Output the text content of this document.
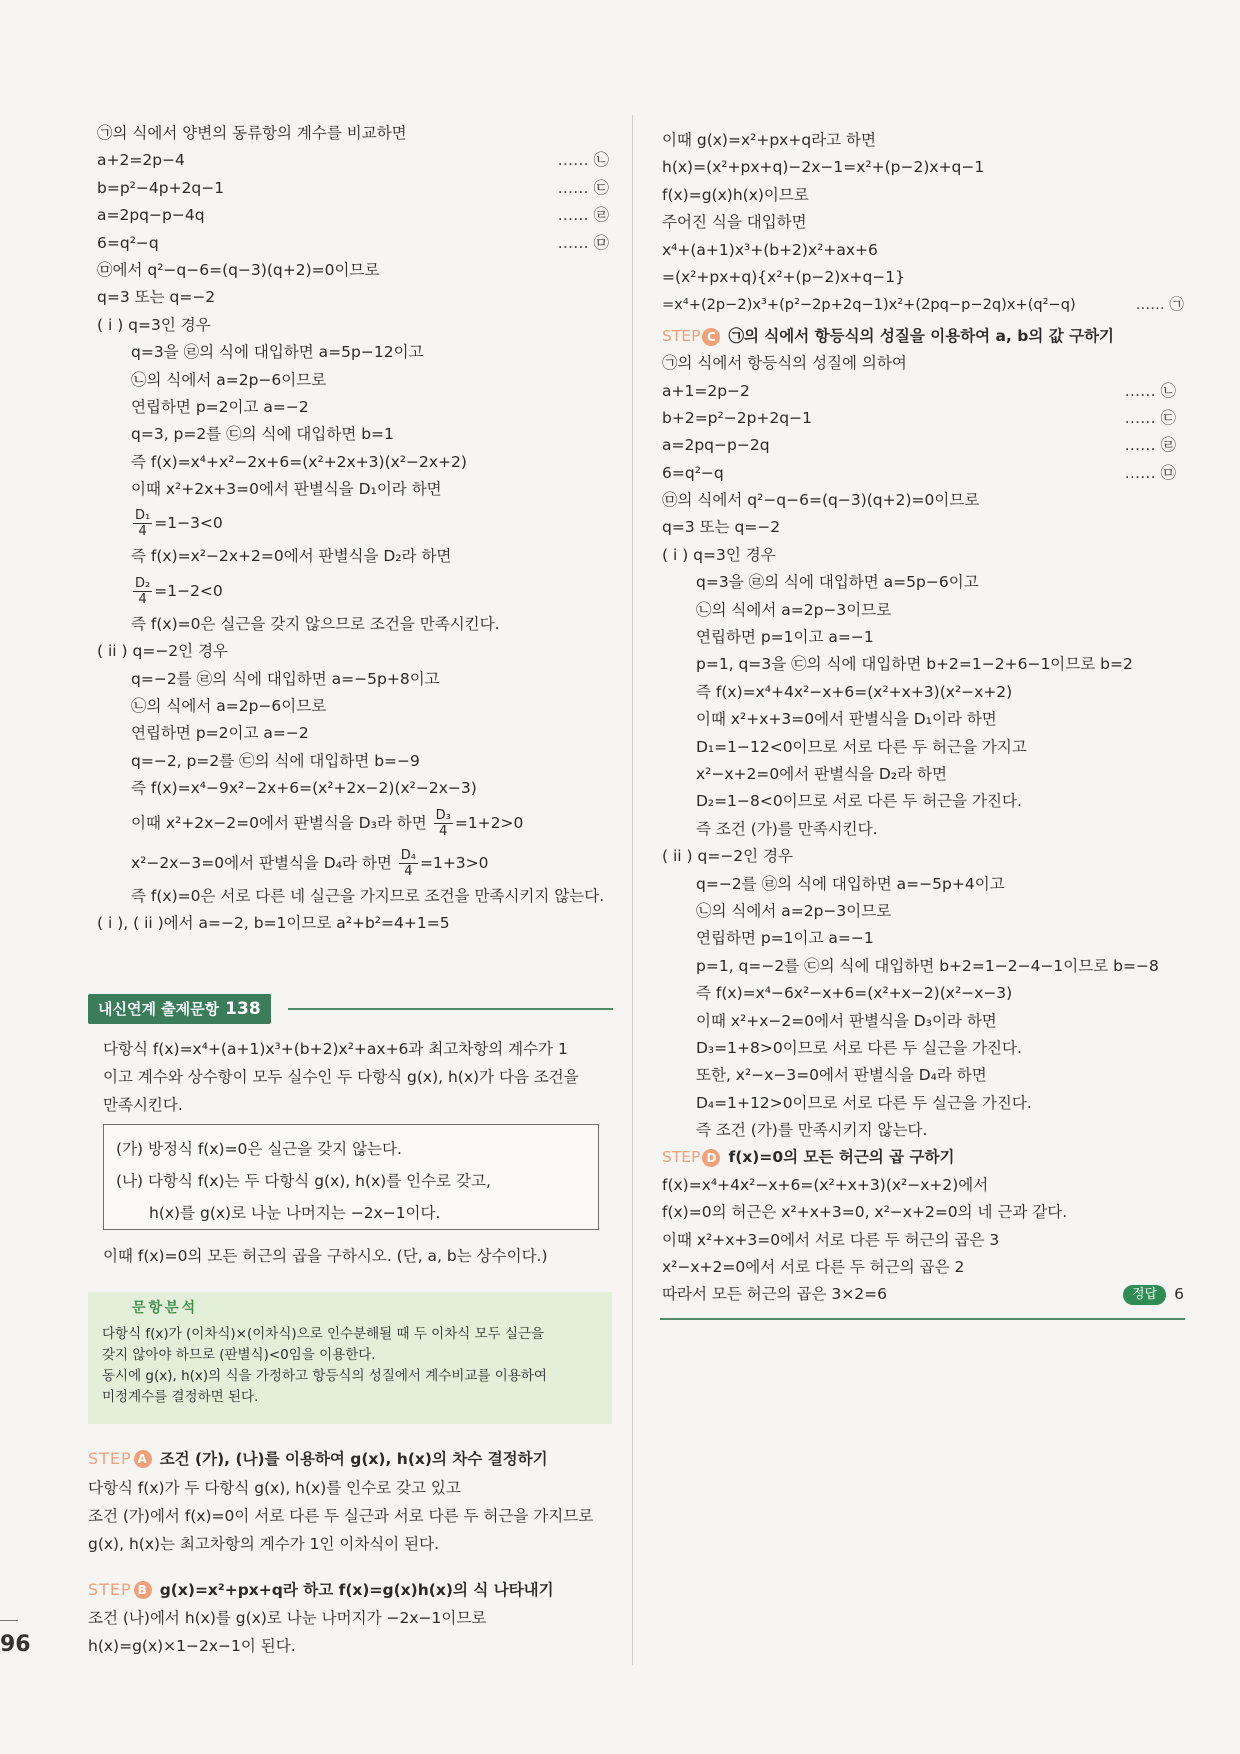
㉠의 식에서 양변의 동류항의 계수를 비교하면
a+2=2p−4	…… ㉡
b=p²−4p+2q−1	…… ㉢
a=2pq−p−4q	…… ㉣
6=q²−q	…… ㉤
㉤에서 q²−q−6=(q−3)(q+2)=0이므로
q=3 또는 q=−2
( i ) q=3인 경우
q=3을 ㉣의 식에 대입하면 a=5p−12이고
㉡의 식에서 a=2p−6이므로
연립하면 p=2이고 a=−2
q=3, p=2를 ㉢의 식에 대입하면 b=1
즉 f(x)=x⁴+x²−2x+6=(x²+2x+3)(x²−2x+2)
이때 x²+2x+3=0에서 판별식을 D₁이라 하면
$\frac{\text{D₁}}{4} =1-3<0$
즉 f(x)=x²−2x+2=0에서 판별식을 D₂라 하면
$\frac{\text{D₂}}{4} =1-2<0$
즉 f(x)=0은 실근을 갖지 않으므로 조건을 만족시킨다.
( ii ) q=−2인 경우
q=−2를 ㉣의 식에 대입하면 a=−5p+8이고
㉡의 식에서 a=2p−6이므로
연립하면 p=2이고 a=−2
q=−2, p=2를 ㉢의 식에 대입하면 b=−9
즉 f(x)=x⁴−9x²−2x+6=(x²+2x−2)(x²−2x−3)
이때 x²+2x−2=0에서 판별식을 D₃라 하면 $\frac{\text{D₃}}{4} =1+2>0$
x²−2x−3=0에서 판별식을 D₄라 하면 $\frac{\text{D₄}}{4} =1+3>0$
즉 f(x)=0은 서로 다른 네 실근을 가지므로 조건을 만족시키지 않는다.
( i ), ( ii )에서 a=−2, b=1이므로 a²+b²=4+1=5
내신연계 출제문항 138
다항식 f(x)=x⁴+(a+1)x³+(b+2)x²+ax+6과 최고차항의 계수가 1
이고 계수와 상수항이 모두 실수인 두 다항식 g(x), h(x)가 다음 조건을
만족시킨다.
(가) 방정식 f(x)=0은 실근을 갖지 않는다.
(나) 다항식 f(x)는 두 다항식 g(x), h(x)를 인수로 갖고,
h(x)를 g(x)로 나눈 나머지는 −2x−1이다.
이때 f(x)=0의 모든 허근의 곱을 구하시오. (단, a, b는 상수이다.)
문항분석
다항식 f(x)가 (이차식)×(이차식)으로 인수분해될 때 두 이차식 모두 실근을
갖지 않아야 하므로 (판별식)<0임을 이용한다.
동시에 g(x), h(x)의 식을 가정하고 항등식의 성질에서 계수비교를 이용하여
미정계수를 결정하면 된다.
STEP A 조건 (가), (나)를 이용하여 g(x), h(x)의 차수 결정하기
다항식 f(x)가 두 다항식 g(x), h(x)를 인수로 갖고 있고
조건 (가)에서 f(x)=0이 서로 다른 두 실근과 서로 다른 두 허근을 가지므로
g(x), h(x)는 최고차항의 계수가 1인 이차식이 된다.
STEP B g(x)=x²+px+q라 하고 f(x)=g(x)h(x)의 식 나타내기
조건 (나)에서 h(x)를 g(x)로 나눈 나머지가 −2x−1이므로
h(x)=g(x)×1−2x−1이 된다.
96
이때 g(x)=x²+px+q라고 하면
h(x)=(x²+px+q)−2x−1=x²+(p−2)x+q−1
f(x)=g(x)h(x)이므로
주어진 식을 대입하면
x⁴+(a+1)x³+(b+2)x²+ax+6
=(x²+px+q){x²+(p−2)x+q−1}
=x⁴+(2p−2)x³+(p²−2p+2q−1)x²+(2pq−p−2q)x+(q²−q)	…… ㉠
STEP C ㉠의 식에서 항등식의 성질을 이용하여 a, b의 값 구하기
㉠의 식에서 항등식의 성질에 의하여
a+1=2p−2	…… ㉡
b+2=p²−2p+2q−1	…… ㉢
a=2pq−p−2q	…… ㉣
6=q²−q	…… ㉤
㉤의 식에서 q²−q−6=(q−3)(q+2)=0이므로
q=3 또는 q=−2
( i ) q=3인 경우
q=3을 ㉣의 식에 대입하면 a=5p−6이고
㉡의 식에서 a=2p−3이므로
연립하면 p=1이고 a=−1
p=1, q=3을 ㉢의 식에 대입하면 b+2=1−2+6−1이므로 b=2
즉 f(x)=x⁴+4x²−x+6=(x²+x+3)(x²−x+2)
이때 x²+x+3=0에서 판별식을 D₁이라 하면
D₁=1−12<0이므로 서로 다른 두 허근을 가지고
x²−x+2=0에서 판별식을 D₂라 하면
D₂=1−8<0이므로 서로 다른 두 허근을 가진다.
즉 조건 (가)를 만족시킨다.
( ii ) q=−2인 경우
q=−2를 ㉣의 식에 대입하면 a=−5p+4이고
㉡의 식에서 a=2p−3이므로
연립하면 p=1이고 a=−1
p=1, q=−2를 ㉢의 식에 대입하면 b+2=1−2−4−1이므로 b=−8
즉 f(x)=x⁴−6x²−x+6=(x²+x−2)(x²−x−3)
이때 x²+x−2=0에서 판별식을 D₃이라 하면
D₃=1+8>0이므로 서로 다른 두 실근을 가진다.
또한, x²−x−3=0에서 판별식을 D₄라 하면
D₄=1+12>0이므로 서로 다른 두 실근을 가진다.
즉 조건 (가)를 만족시키지 않는다.
STEP D f(x)=0의 모든 허근의 곱 구하기
f(x)=x⁴+4x²−x+6=(x²+x+3)(x²−x+2)에서
f(x)=0의 허근은 x²+x+3=0, x²−x+2=0의 네 근과 같다.
이때 x²+x+3=0에서 서로 다른 두 허근의 곱은 3
x²−x+2=0에서 서로 다른 두 허근의 곱은 2
따라서 모든 허근의 곱은 3×2=6	정답 6
